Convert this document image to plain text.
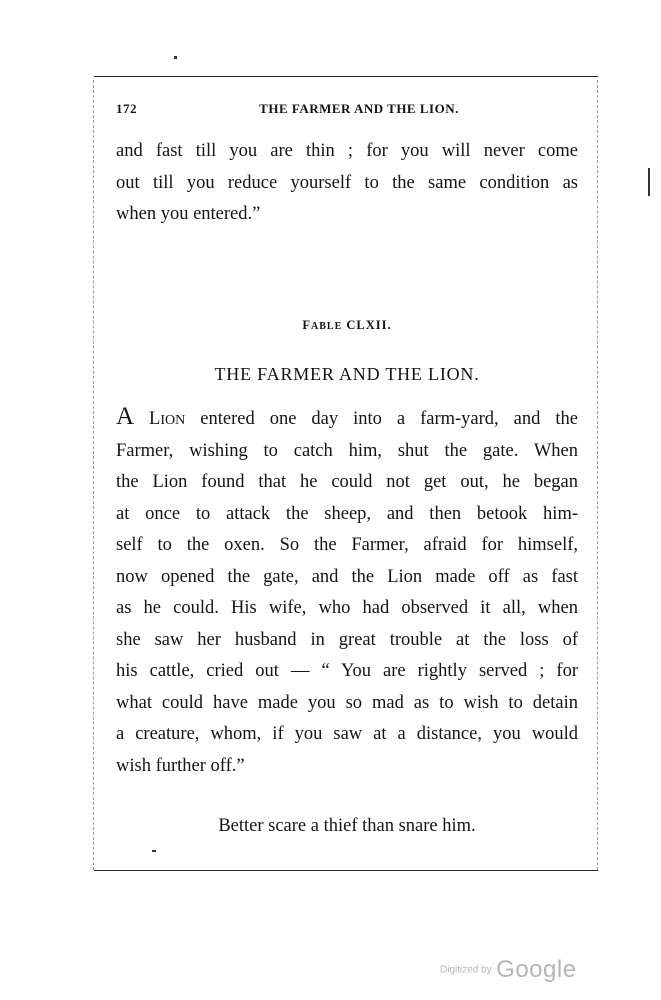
172	THE FARMER AND THE LION.
and fast till you are thin ; for you will never come
out till you reduce yourself to the same condition as
when you entered.”
FABLE CLXII.
THE FARMER AND THE LION.
A LION entered one day into a farm-yard, and the
Farmer, wishing to catch him, shut the gate. When
the Lion found that he could not get out, he began
at once to attack the sheep, and then betook him-
self to the oxen. So the Farmer, afraid for himself,
now opened the gate, and the Lion made off as fast
as he could. His wife, who had observed it all, when
she saw her husband in great trouble at the loss of
his cattle, cried out — “ You are rightly served ; for
what could have made you so mad as to wish to detain
a creature, whom, if you saw at a distance, you would
wish further off.”
Better scare a thief than snare him.
Digitized by Google
